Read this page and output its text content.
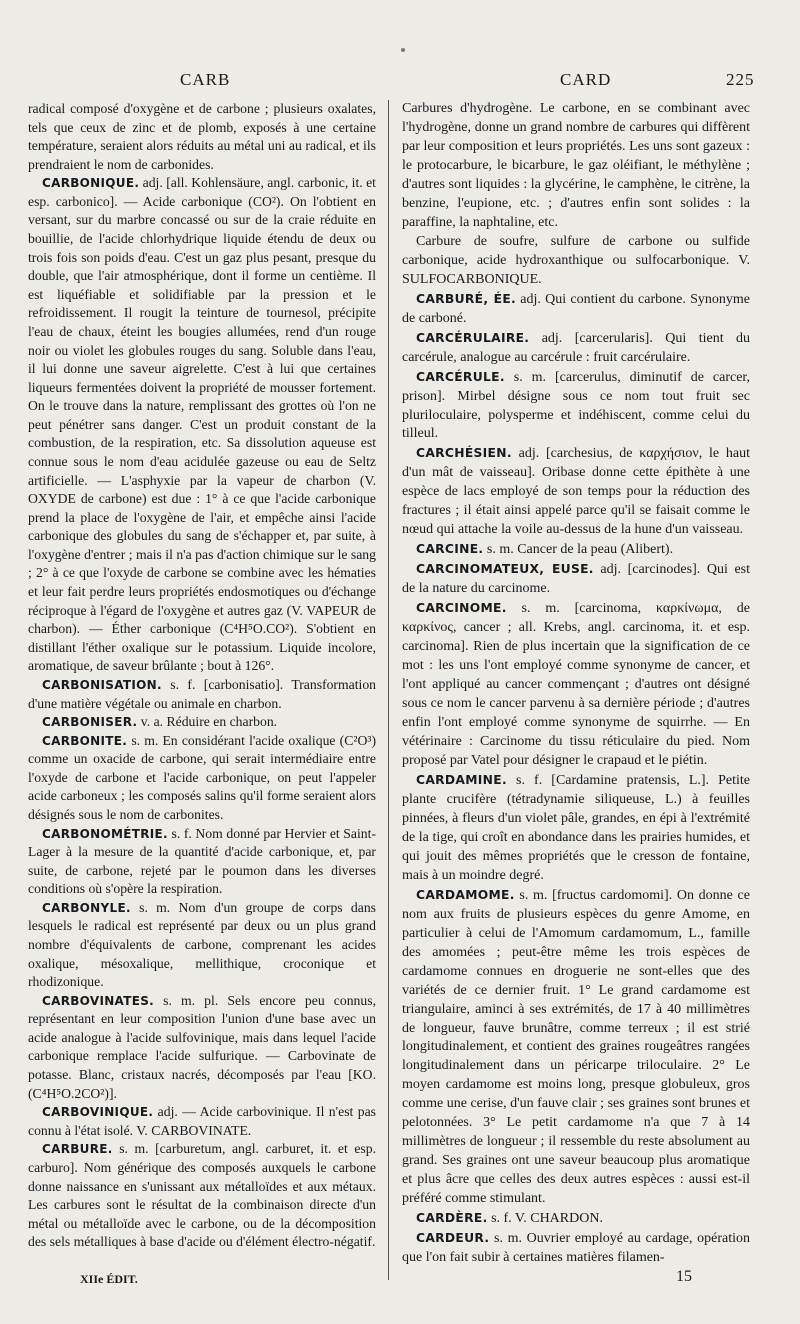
CARB	CARD	225

radical composé d'oxygène et de carbone ; plusieurs oxalates, tels que ceux de zinc et de plomb, exposés à une certaine température, seraient alors réduits au métal uni au radical, et ils prendraient le nom de carbonides.

CARBONIQUE. adj. [all. Kohlensäure, angl. carbonic, it. et esp. carbonico]. — Acide carbonique (CO²). On l'obtient en versant, sur du marbre concassé ou sur de la craie réduite en bouillie, de l'acide chlorhydrique liquide étendu de deux ou trois fois son poids d'eau. C'est un gaz plus pesant, presque du double, que l'air atmosphérique, dont il forme un centième. Il est liquéfiable et solidifiable par la pression et le refroidissement. Il rougit la teinture de tournesol, précipite l'eau de chaux, éteint les bougies allumées, rend d'un rouge noir ou violet les globules rouges du sang. Soluble dans l'eau, il lui donne une saveur aigrelette. C'est à lui que certaines liqueurs fermentées doivent la propriété de mousser fortement. On le trouve dans la nature, remplissant des grottes où l'on ne peut pénétrer sans danger. C'est un produit constant de la combustion, de la respiration, etc. Sa dissolution aqueuse est connue sous le nom d'eau acidulée gazeuse ou eau de Seltz artificielle. — L'asphyxie par la vapeur de charbon (V. OXYDE de carbone) est due : 1° à ce que l'acide carbonique prend la place de l'oxygène de l'air, et empêche ainsi l'acide carbonique des globules du sang de s'échapper et, par suite, à l'oxygène d'entrer ; mais il n'a pas d'action chimique sur le sang ; 2° à ce que l'oxyde de carbone se combine avec les hématies et leur fait perdre leurs propriétés endosmotiques ou d'échange réciproque à l'égard de l'oxygène et autres gaz (V. VAPEUR de charbon). — Éther carbonique (C⁴H⁵O.CO²). S'obtient en distillant l'éther oxalique sur le potassium. Liquide incolore, aromatique, de saveur brûlante ; bout à 126°.

CARBONISATION. s. f. [carbonisatio]. Transformation d'une matière végétale ou animale en charbon.

CARBONISER. v. a. Réduire en charbon.

CARBONITE. s. m. En considérant l'acide oxalique (C²O³) comme un oxacide de carbone, qui serait intermédiaire entre l'oxyde de carbone et l'acide carbonique, on peut l'appeler acide carboneux ; les composés salins qu'il forme seraient alors désignés sous le nom de carbonites.

CARBONOMÉTRIE. s. f. Nom donné par Hervier et Saint-Lager à la mesure de la quantité d'acide carbonique, et, par suite, de carbone, rejeté par le poumon dans les diverses conditions où s'opère la respiration.

CARBONYLE. s. m. Nom d'un groupe de corps dans lesquels le radical est représenté par deux ou un plus grand nombre d'équivalents de carbone, comprenant les acides oxalique, mésoxalique, mellithique, croconique et rhodizonique.

CARBOVINATES. s. m. pl. Sels encore peu connus, représentant en leur composition l'union d'une base avec un acide analogue à l'acide sulfovinique, mais dans lequel l'acide carbonique remplace l'acide sulfurique. — Carbovinate de potasse. Blanc, cristaux nacrés, décomposés par l'eau [KO.(C⁴H⁵O.2CO²)].

CARBOVINIQUE. adj. — Acide carbovinique. Il n'est pas connu à l'état isolé. V. CARBOVINATE.

CARBURE. s. m. [carburetum, angl. carburet, it. et esp. carburo]. Nom générique des composés auxquels le carbone donne naissance en s'unissant aux métalloïdes et aux métaux. Les carbures sont le résultat de la combinaison directe d'un métal ou métalloïde avec le carbone, ou de la décomposition des sels métalliques à base d'acide ou d'élément électro-négatif.

Carbures d'hydrogène. Le carbone, en se combinant avec l'hydrogène, donne un grand nombre de carbures qui diffèrent par leur composition et leurs propriétés. Les uns sont gazeux : le protocarbure, le bicarbure, le gaz oléifiant, le méthylène ; d'autres sont liquides : la glycérine, le camphène, le citrène, la benzine, l'eupione, etc. ; d'autres enfin sont solides : la paraffine, la naphtaline, etc.

Carbure de soufre, sulfure de carbone ou sulfide carbonique, acide hydroxanthique ou sulfocarbonique. V. SULFOCARBONIQUE.

CARBURÉ, ÉE. adj. Qui contient du carbone. Synonyme de carboné.

CARCÉRULAIRE. adj. [carcerularis]. Qui tient du carcérule, analogue au carcérule : fruit carcérulaire.

CARCÉRULE. s. m. [carcerulus, diminutif de carcer, prison]. Mirbel désigne sous ce nom tout fruit sec pluriloculaire, polysperme et indéhiscent, comme celui du tilleul.

CARCHÉSIEN. adj. [carchesius, de καρχήσιον, le haut d'un mât de vaisseau]. Oribase donne cette épithète à une espèce de lacs employé de son temps pour la réduction des fractures ; il était ainsi appelé parce qu'il se faisait comme le nœud qui attache la voile au-dessus de la hune d'un vaisseau.

CARCINE. s. m. Cancer de la peau (Alibert).

CARCINOMATEUX, EUSE. adj. [carcinodes]. Qui est de la nature du carcinome.

CARCINOME. s. m. [carcinoma, καρκίνωμα, de καρκίνος, cancer ; all. Krebs, angl. carcinoma, it. et esp. carcinoma]. Rien de plus incertain que la signification de ce mot : les uns l'ont employé comme synonyme de cancer, et l'ont appliqué au cancer commençant ; d'autres ont désigné sous ce nom le cancer parvenu à sa dernière période ; d'autres enfin l'ont employé comme synonyme de squirrhe. — En vétérinaire : Carcinome du tissu réticulaire du pied. Nom proposé par Vatel pour désigner le crapaud et le piétin.

CARDAMINE. s. f. [Cardamine pratensis, L.]. Petite plante crucifère (tétradynamie siliqueuse, L.) à feuilles pinnées, à fleurs d'un violet pâle, grandes, en épi à l'extrémité de la tige, qui croît en abondance dans les prairies humides, et qui jouit des mêmes propriétés que le cresson de fontaine, mais à un moindre degré.

CARDAMOME. s. m. [fructus cardomomi]. On donne ce nom aux fruits de plusieurs espèces du genre Amome, en particulier à celui de l'Amomum cardamomum, L., famille des amomées ; peut-être même les trois espèces de cardamome connues en droguerie ne sont-elles que des variétés de ce dernier fruit. 1° Le grand cardamome est triangulaire, aminci à ses extrémités, de 17 à 40 millimètres de longueur, fauve brunâtre, comme terreux ; il est strié longitudinalement, et contient des graines rougeâtres rangées longitudinalement dans un péricarpe triloculaire. 2° Le moyen cardamome est moins long, presque globuleux, gros comme une cerise, d'un fauve clair ; ses graines sont brunes et pelotonnées. 3° Le petit cardamome n'a que 7 à 14 millimètres de longueur ; il ressemble du reste absolument au grand. Ses graines ont une saveur beaucoup plus aromatique et plus âcre que celles des deux autres espèces : aussi est-il préféré comme stimulant.

CARDÈRE. s. f. V. CHARDON.

CARDEUR. s. m. Ouvrier employé au cardage, opération que l'on fait subir à certaines matières filamen-

XIIe ÉDIT.	15
